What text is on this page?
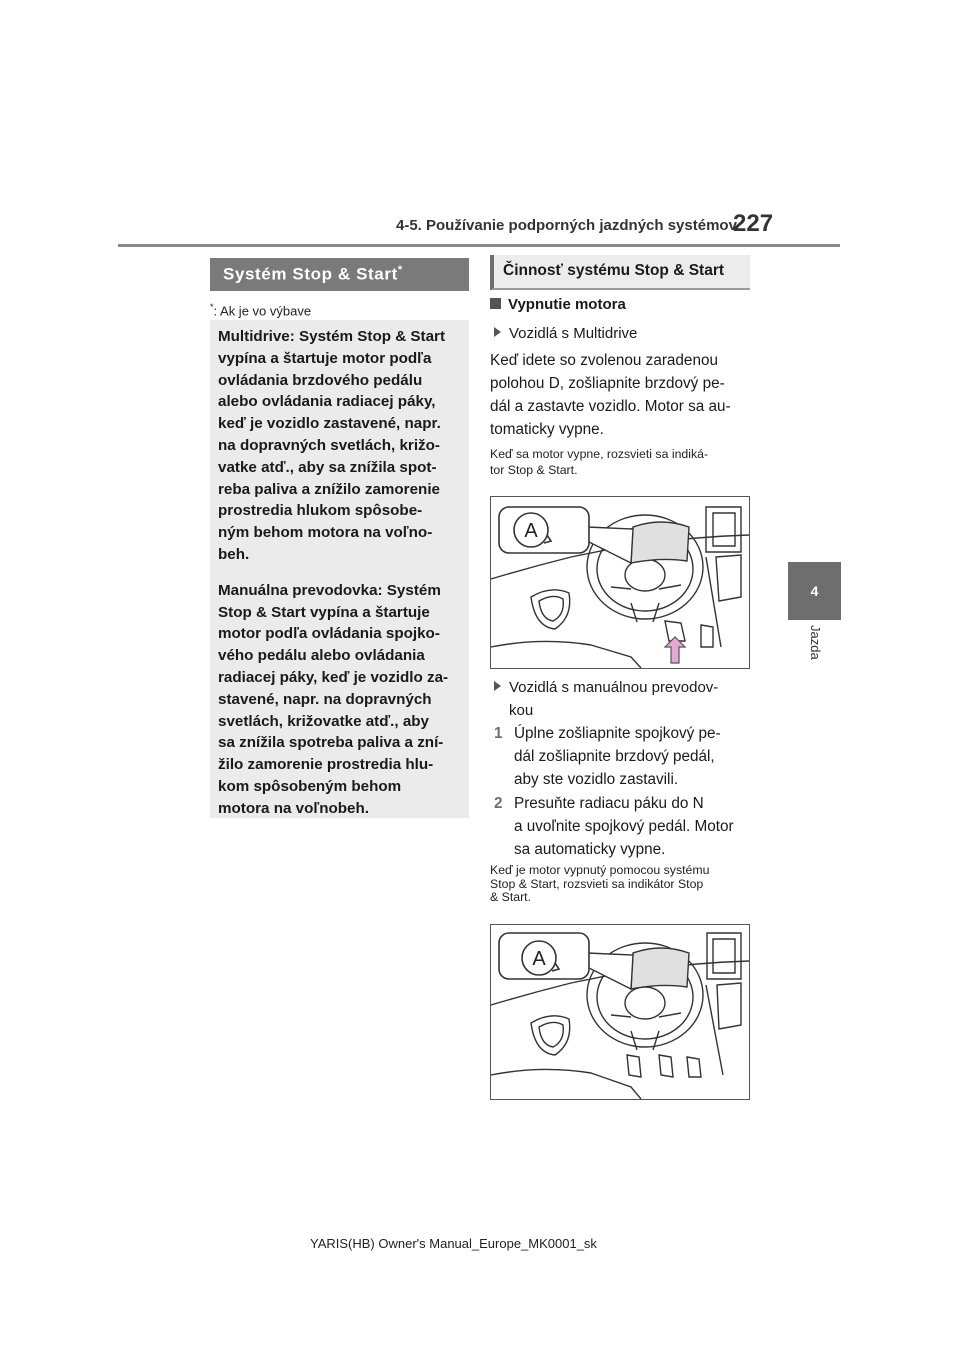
4-5. Používanie podporných jazdných systémov
227
4
Jazda
Systém Stop & Start*
*: Ak je vo výbave

Multidrive: Systém Stop & Start
vypína a štartuje motor podľa
ovládania brzdového pedálu
alebo ovládania radiacej páky,
keď je vozidlo zastavené, napr.
na dopravných svetlách, križo-
vatke atď., aby sa znížila spot-
reba paliva a znížilo zamorenie
prostredia hlukom spôsobe-
ným behom motora na voľno-
beh.

Manuálna prevodovka: Systém
Stop & Start vypína a štartuje
motor podľa ovládania spojko-
vého pedálu alebo ovládania
radiacej páky, keď je vozidlo za-
stavené, napr. na dopravných
svetlách, križovatke atď., aby
sa znížila spotreba paliva a zní-
žilo zamorenie prostredia hlu-
kom spôsobeným behom
motora na voľnobeh.

Činnosť systému Stop & Start
Vypnutie motora
Vozidlá s Multidrive
Keď idete so zvolenou zaradenou
polohou D, zošliapnite brzdový pe-
dál a zastavte vozidlo. Motor sa au-
tomaticky vypne.
Keď sa motor vypne, rozsvieti sa indiká-
tor Stop & Start.
A
Vozidlá s manuálnou prevodov-
kou
1 Úplne zošliapnite spojkový pe-
dál zošliapnite brzdový pedál,
aby ste vozidlo zastavili.
2 Presuňte radiacu páku do N
a uvoľnite spojkový pedál. Motor
sa automaticky vypne.
Keď je motor vypnutý pomocou systému
Stop & Start, rozsvieti sa indikátor Stop
& Start.
A
YARIS(HB) Owner's Manual_Europe_MK0001_sk
